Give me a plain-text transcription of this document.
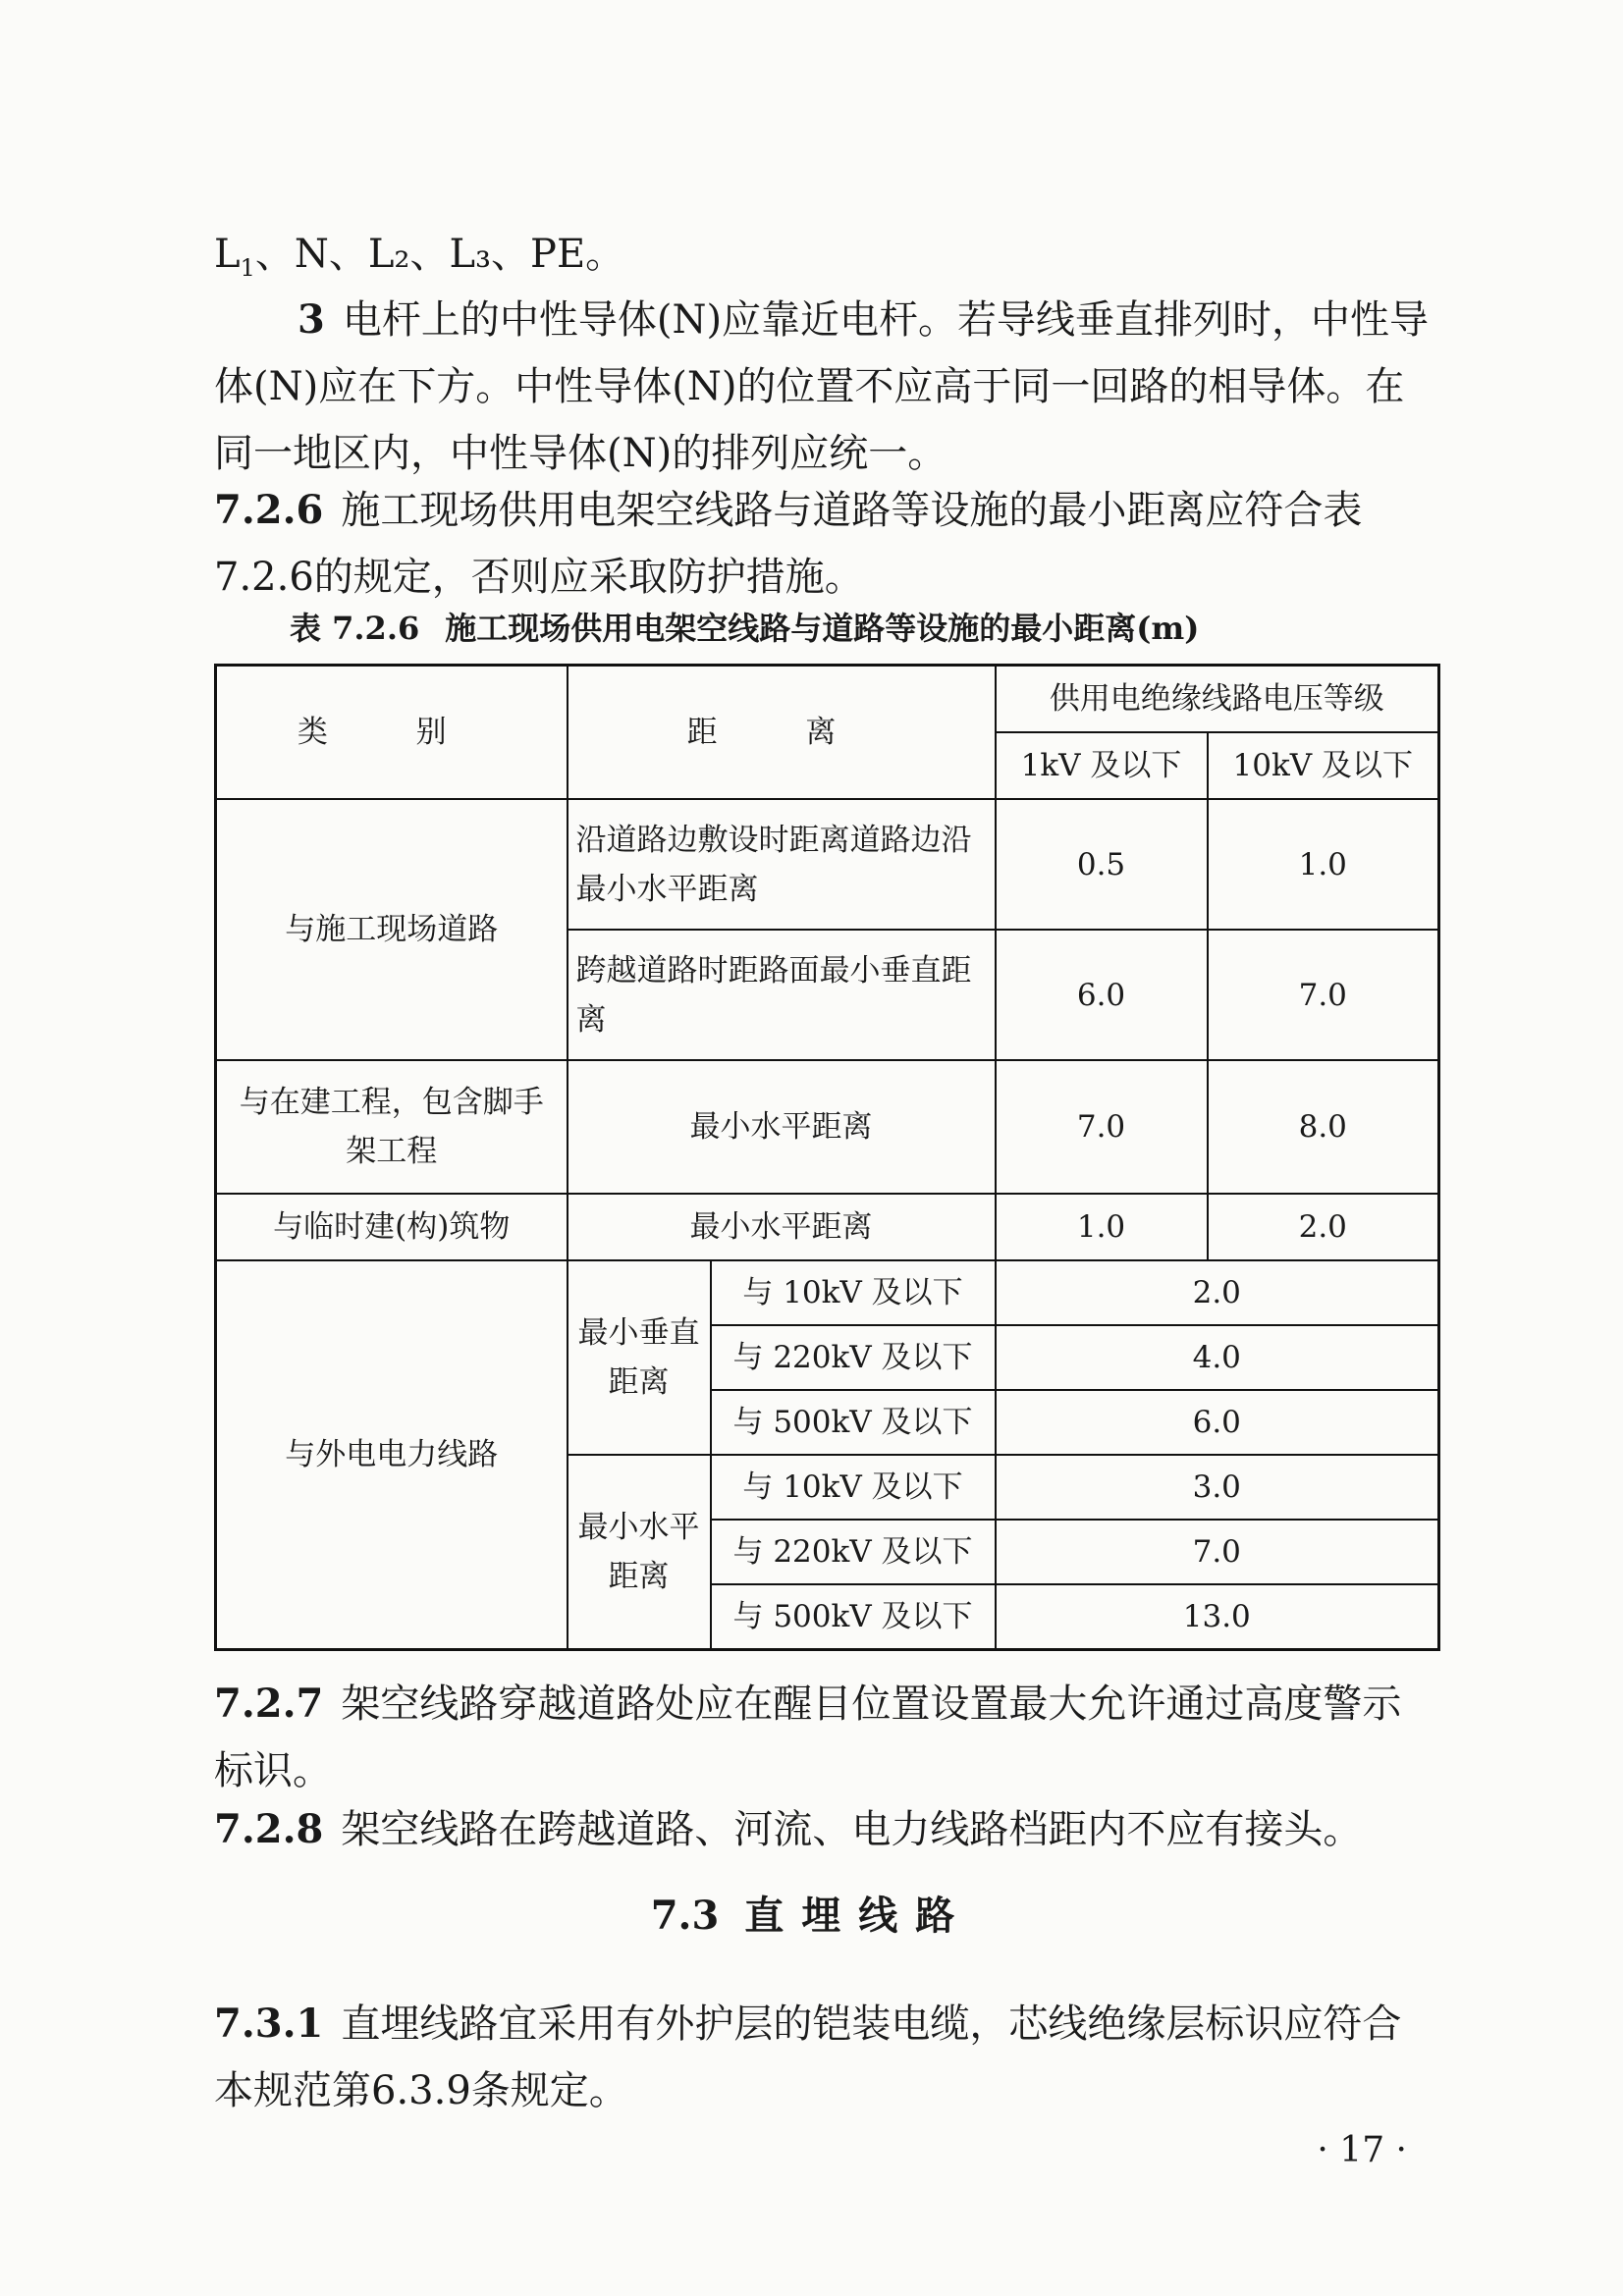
$L_1$、N、L₂、L₃、PE。

3 电杆上的中性导体(N)应靠近电杆。若导线垂直排列时，中性导体(N)应在下方。中性导体(N)的位置不应高于同一回路的相导体。在同一地区内，中性导体(N)的排列应统一。

7.2.6 施工现场供用电架空线路与道路等设施的最小距离应符合表7.2.6的规定，否则应采取防护措施。

表 7.2.6 施工现场供用电架空线路与道路等设施的最小距离(m)

类 别	距 离		供用电绝缘线路电压等级	
			1kV 及以下	10kV 及以下
与施工现场道路	沿道路边敷设时距离道路边沿最小水平距离		0.5	1.0
	跨越道路时距路面最小垂直距离		6.0	7.0
与在建工程，包含脚手架工程	最小水平距离		7.0	8.0
与临时建(构)筑物	最小水平距离		1.0	2.0
与外电电力线路	最小垂直距离	与 10kV 及以下	2.0	
		与 220kV 及以下	4.0	
		与 500kV 及以下	6.0	
	最小水平距离	与 10kV 及以下	3.0	
		与 220kV 及以下	7.0	
		与 500kV 及以下	13.0	

7.2.7 架空线路穿越道路处应在醒目位置设置最大允许通过高度警示标识。

7.2.8 架空线路在跨越道路、河流、电力线路档距内不应有接头。

7.3 直埋线路

7.3.1 直埋线路宜采用有外护层的铠装电缆，芯线绝缘层标识应符合本规范第6.3.9条规定。

· 17 ·
